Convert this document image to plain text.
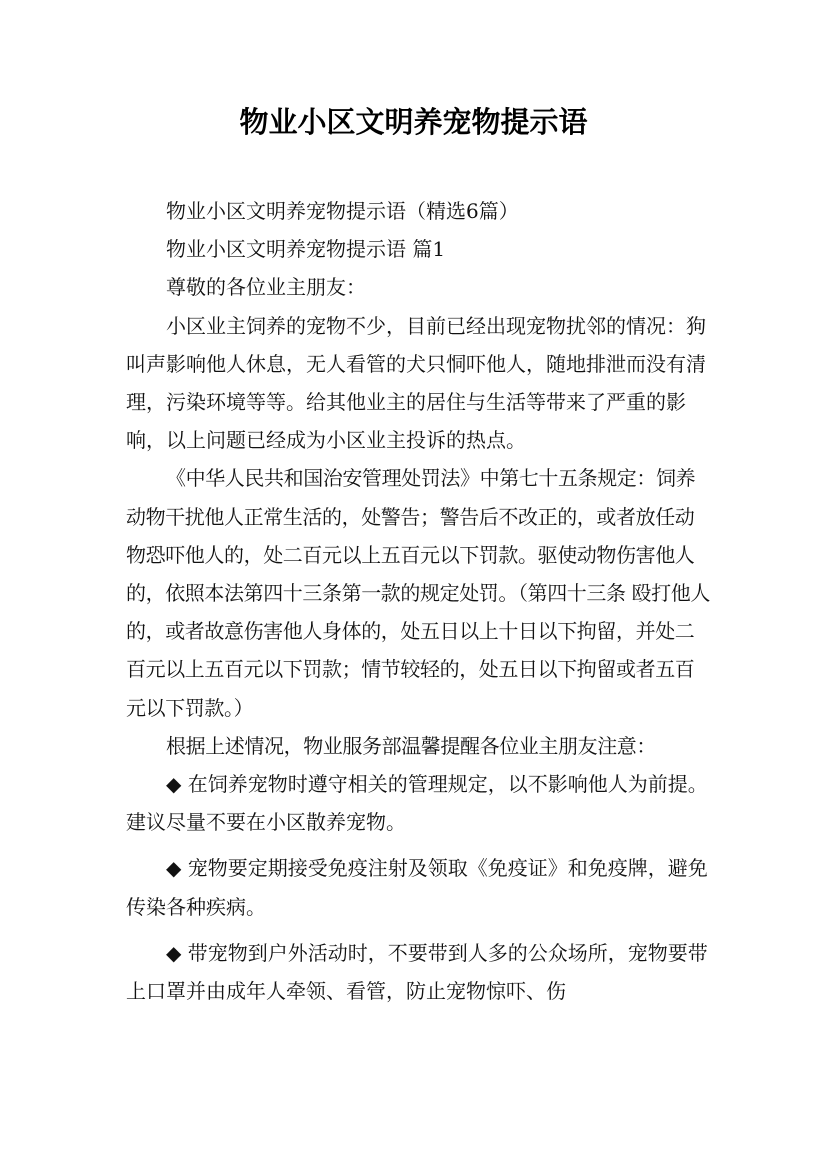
物业小区文明养宠物提示语

物业小区文明养宠物提示语（精选6篇）

物业小区文明养宠物提示语 篇1

尊敬的各位业主朋友：

小区业主饲养的宠物不少，目前已经出现宠物扰邻的情况：狗叫声影响他人休息，无人看管的犬只恫吓他人，随地排泄而没有清理，污染环境等等。给其他业主的居住与生活等带来了严重的影响，以上问题已经成为小区业主投诉的热点。

《中华人民共和国治安管理处罚法》中第七十五条规定：饲养动物干扰他人正常生活的，处警告；警告后不改正的，或者放任动物恐吓他人的，处二百元以上五百元以下罚款。驱使动物伤害他人的，依照本法第四十三条第一款的规定处罚。（第四十三条 殴打他人的，或者故意伤害他人身体的，处五日以上十日以下拘留，并处二百元以上五百元以下罚款；情节较轻的，处五日以下拘留或者五百元以下罚款。）

根据上述情况，物业服务部温馨提醒各位业主朋友注意：

◆ 在饲养宠物时遵守相关的管理规定，以不影响他人为前提。建议尽量不要在小区散养宠物。

◆ 宠物要定期接受免疫注射及领取《免疫证》和免疫牌，避免传染各种疾病。

◆ 带宠物到户外活动时，不要带到人多的公众场所，宠物要带上口罩并由成年人牵领、看管，防止宠物惊吓、伤
